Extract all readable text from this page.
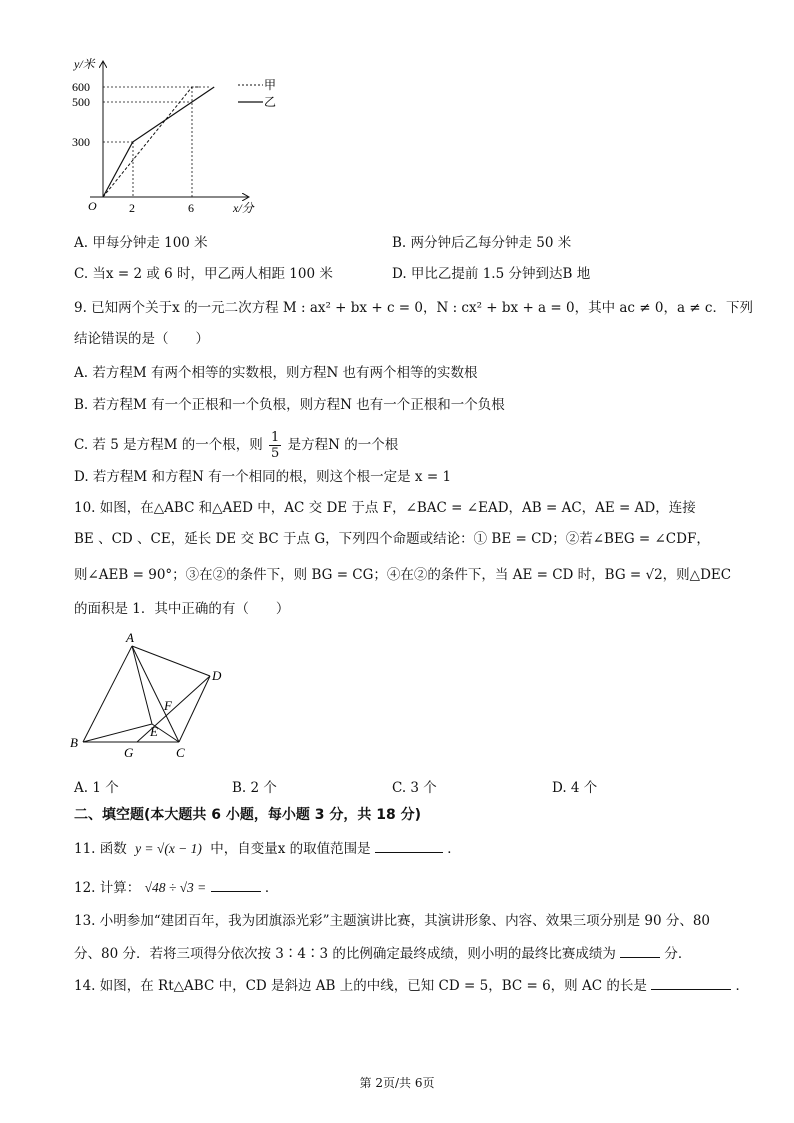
y/米
600
500
300
O	2	6	x/分
甲
乙
A. 甲每分钟走 100 米	B. 两分钟后乙每分钟走 50 米
C. 当x = 2 或 6 时，甲乙两人相距 100 米	D. 甲比乙提前 1.5 分钟到达B 地
9. 已知两个关于x 的一元二次方程 M : ax² + bx + c = 0，N : cx² + bx + a = 0，其中 ac ≠ 0，a ≠ c．下列
结论错误的是（　　）
A. 若方程M 有两个相等的实数根，则方程N 也有两个相等的实数根
B. 若方程M 有一个正根和一个负根，则方程N 也有一个正根和一个负根
C. 若 5 是方程M 的一个根，则 $\frac{1}{5}$ 是方程N 的一个根
D. 若方程M 和方程N 有一个相同的根，则这个根一定是 x = 1
10. 如图，在△ABC 和△AED 中，AC 交 DE 于点 F，∠BAC = ∠EAD，AB = AC，AE = AD，连接
BE 、CD 、CE，延长 DE 交 BC 于点 G，下列四个命题或结论：① BE = CD；②若∠BEG = ∠CDF，
则∠AEB = 90°；③在②的条件下，则 BG = CG；④在②的条件下，当 AE = CD 时，BG = √2，则△DEC
的面积是 1．其中正确的有（　　）
A
D
F
E
B
G	C
A. 1 个	B. 2 个	C. 3 个	D. 4 个
二、填空题(本大题共 6 小题，每小题 3 分，共 18 分)
11. 函数 y = √(x − 1) 中，自变量x 的取值范围是	．
12. 计算： √48 ÷ √3 =	．
13. 小明参加“建团百年，我为团旗添光彩”主题演讲比赛，其演讲形象、内容、效果三项分别是 90 分、80
分、80 分．若将三项得分依次按 3∶4∶3 的比例确定最终成绩，则小明的最终比赛成绩为	分．
14. 如图，在 Rt△ABC 中，CD 是斜边 AB 上的中线，已知 CD = 5，BC = 6，则 AC 的长是	．
第 2页/共 6页
